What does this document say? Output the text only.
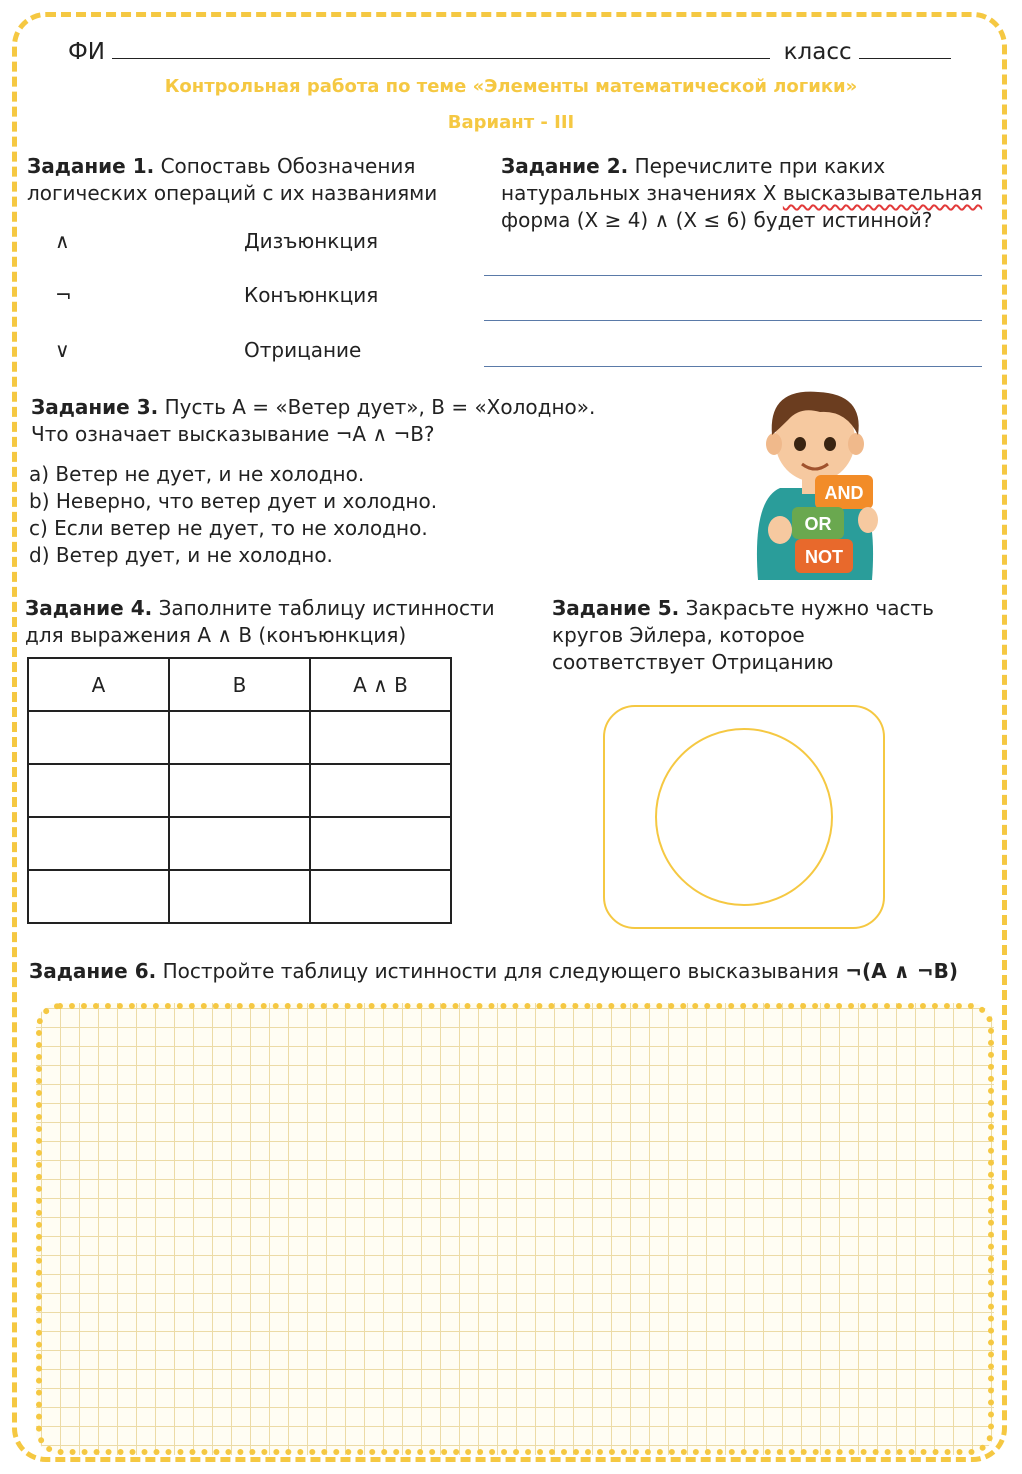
ФИ	класс
Контрольная работа по теме «Элементы математической логики»
Вариант - III
Задание 1. Сопоставь Обозначения
логических операций с их названиями
∧	Дизъюнкция
¬	Конъюнкция
∨	Отрицание
Задание 2. Перечислите при каких
натуральных значениях Х высказывательная
форма (Х ≥ 4) ∧ (Х ≤ 6) будет истинной?
Задание 3. Пусть А = «Ветер дует», В = «Холодно».
Что означает высказывание ¬А ∧ ¬В?
a) Ветер не дует, и не холодно.
b) Неверно, что ветер дует и холодно.
c) Если ветер не дует, то не холодно.
d) Ветер дует, и не холодно.
AND
OR
NOT
Задание 4. Заполните таблицу истинности
для выражения А ∧ В (конъюнкция)
А	В	А ∧ В

Задание 5. Закрасьте нужно часть
кругов Эйлера, которое
соответствует Отрицанию
Задание 6. Постройте таблицу истинности для следующего высказывания ¬(А ∧ ¬В)
